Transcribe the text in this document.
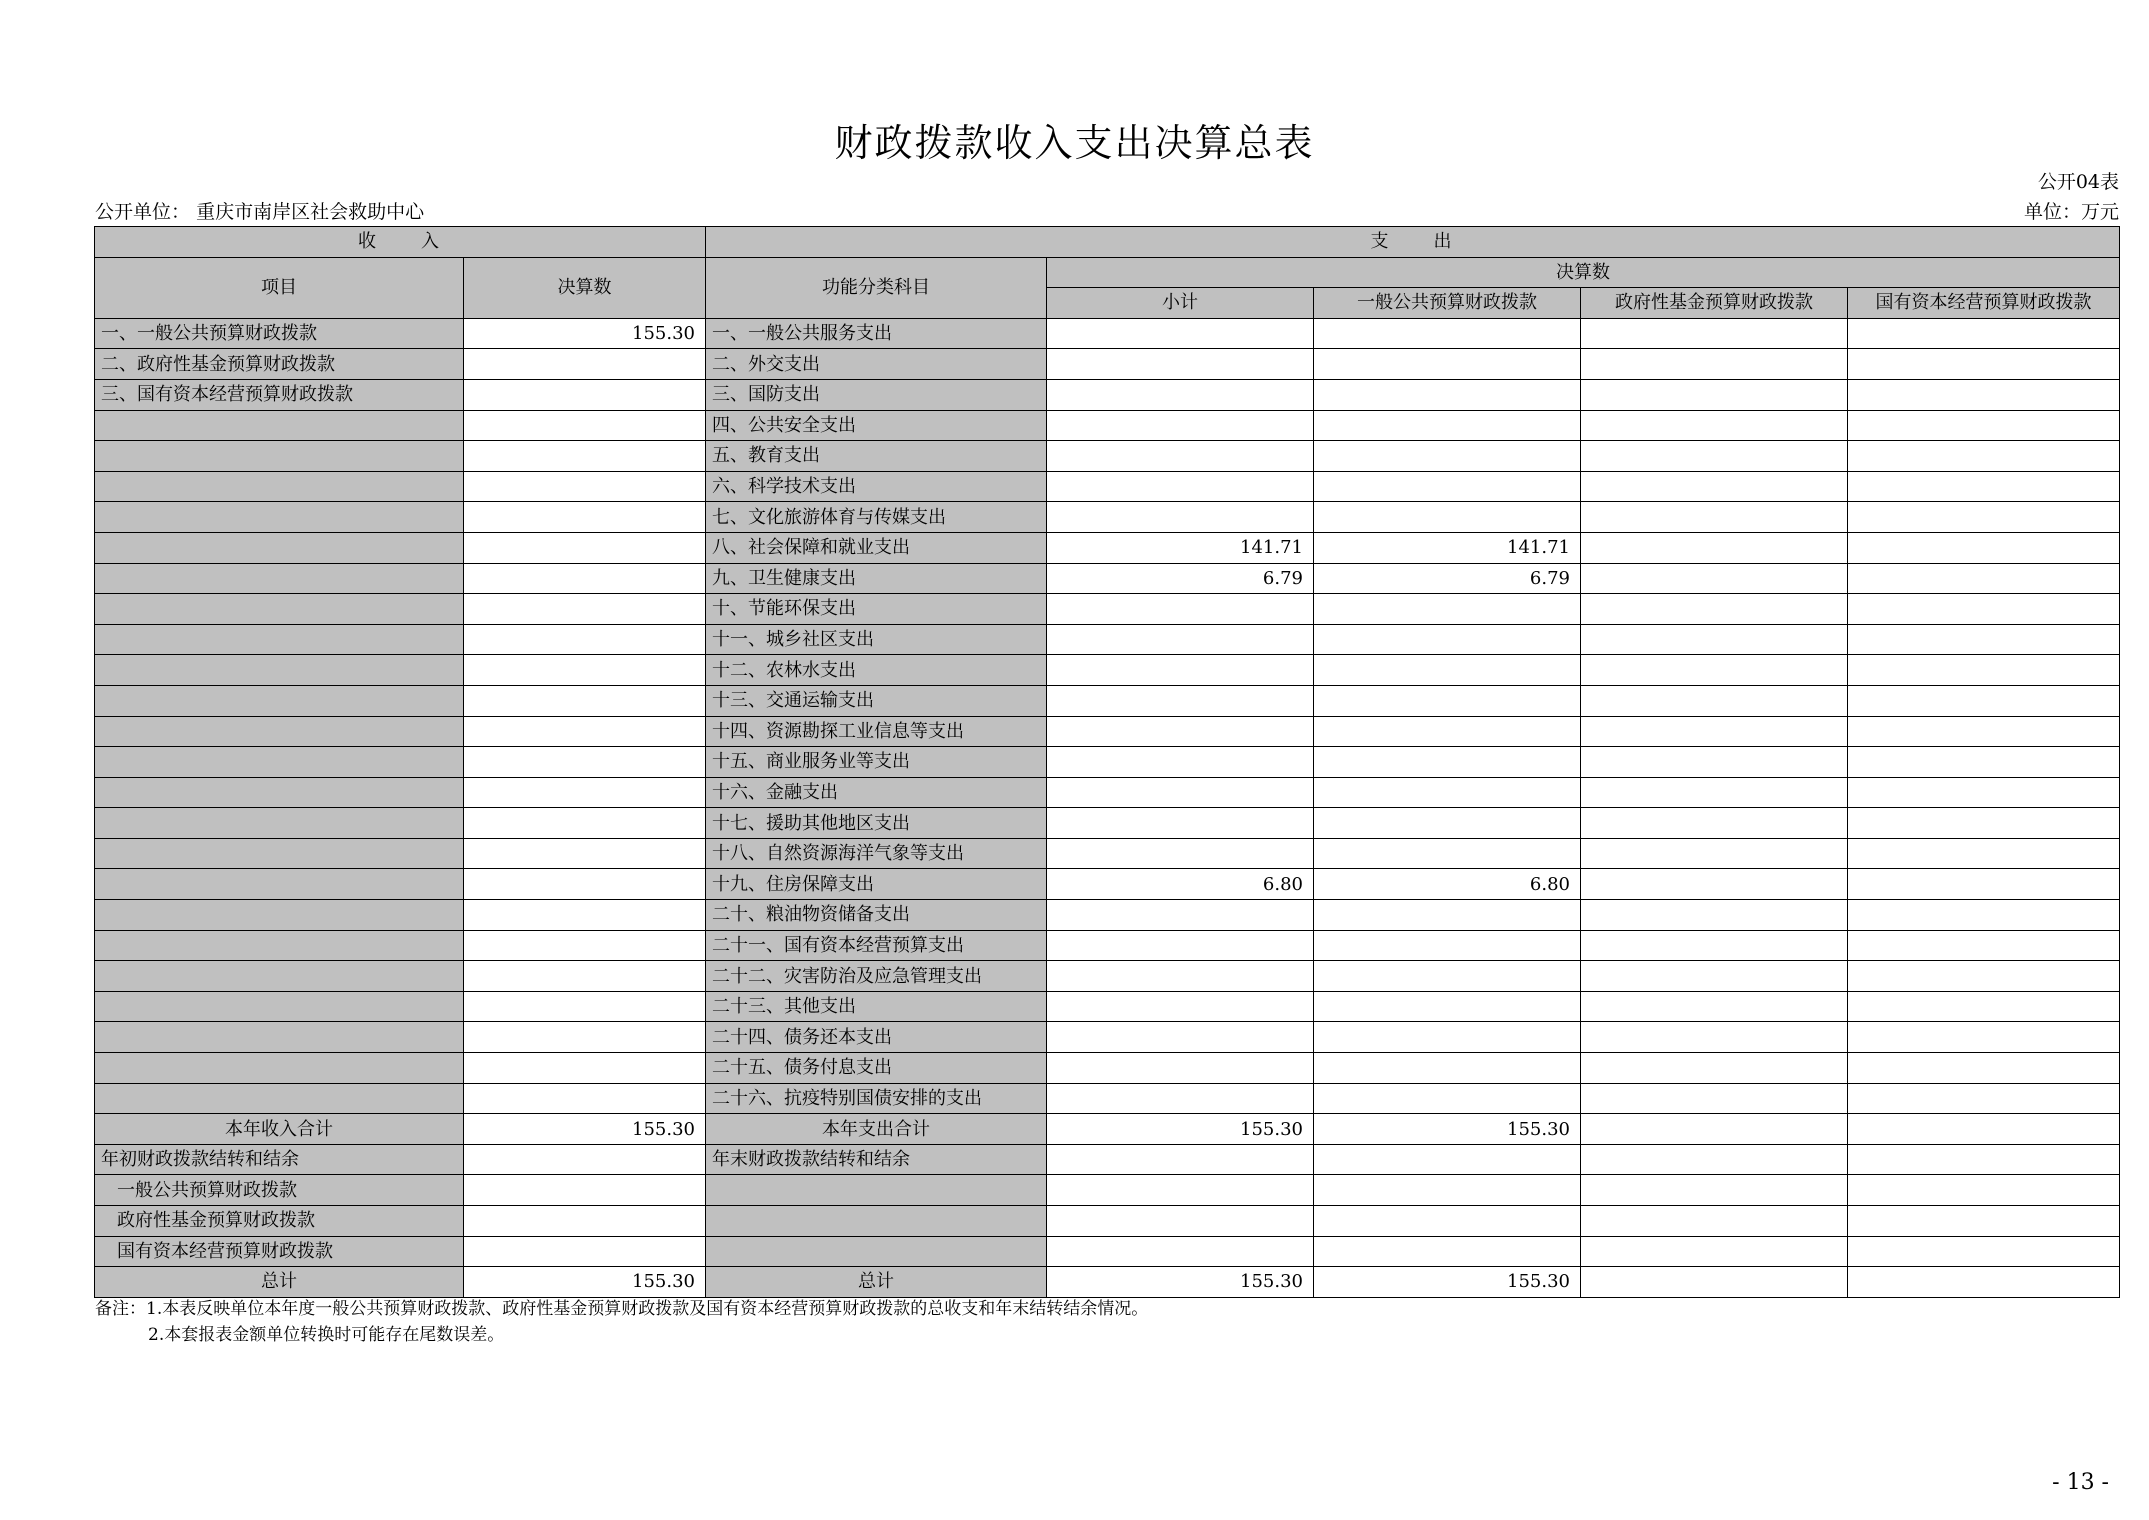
财政拨款收入支出决算总表
公开04表
公开单位： 重庆市南岸区社会救助中心	单位：万元
收　　入		支　　出				
项目	决算数	功能分类科目	决算数			
			小计	一般公共预算财政拨款	政府性基金预算财政拨款	国有资本经营预算财政拨款
一、一般公共预算财政拨款	155.30	一、一般公共服务支出				
二、政府性基金预算财政拨款		二、外交支出				
三、国有资本经营预算财政拨款		三、国防支出				
		四、公共安全支出				
		五、教育支出				
		六、科学技术支出				
		七、文化旅游体育与传媒支出				
		八、社会保障和就业支出	141.71	141.71		
		九、卫生健康支出	6.79	6.79		
		十、节能环保支出				
		十一、城乡社区支出				
		十二、农林水支出				
		十三、交通运输支出				
		十四、资源勘探工业信息等支出				
		十五、商业服务业等支出				
		十六、金融支出				
		十七、援助其他地区支出				
		十八、自然资源海洋气象等支出				
		十九、住房保障支出	6.80	6.80		
		二十、粮油物资储备支出				
		二十一、国有资本经营预算支出				
		二十二、灾害防治及应急管理支出				
		二十三、其他支出				
		二十四、债务还本支出				
		二十五、债务付息支出				
		二十六、抗疫特别国债安排的支出				
本年收入合计	155.30	本年支出合计	155.30	155.30		
年初财政拨款结转和结余		年末财政拨款结转和结余				
一般公共预算财政拨款						
政府性基金预算财政拨款						
国有资本经营预算财政拨款						
总计	155.30	总计	155.30	155.30		
备注：1.本表反映单位本年度一般公共预算财政拨款、政府性基金预算财政拨款及国有资本经营预算财政拨款的总收支和年末结转结余情况。
2.本套报表金额单位转换时可能存在尾数误差。
- 13 -
